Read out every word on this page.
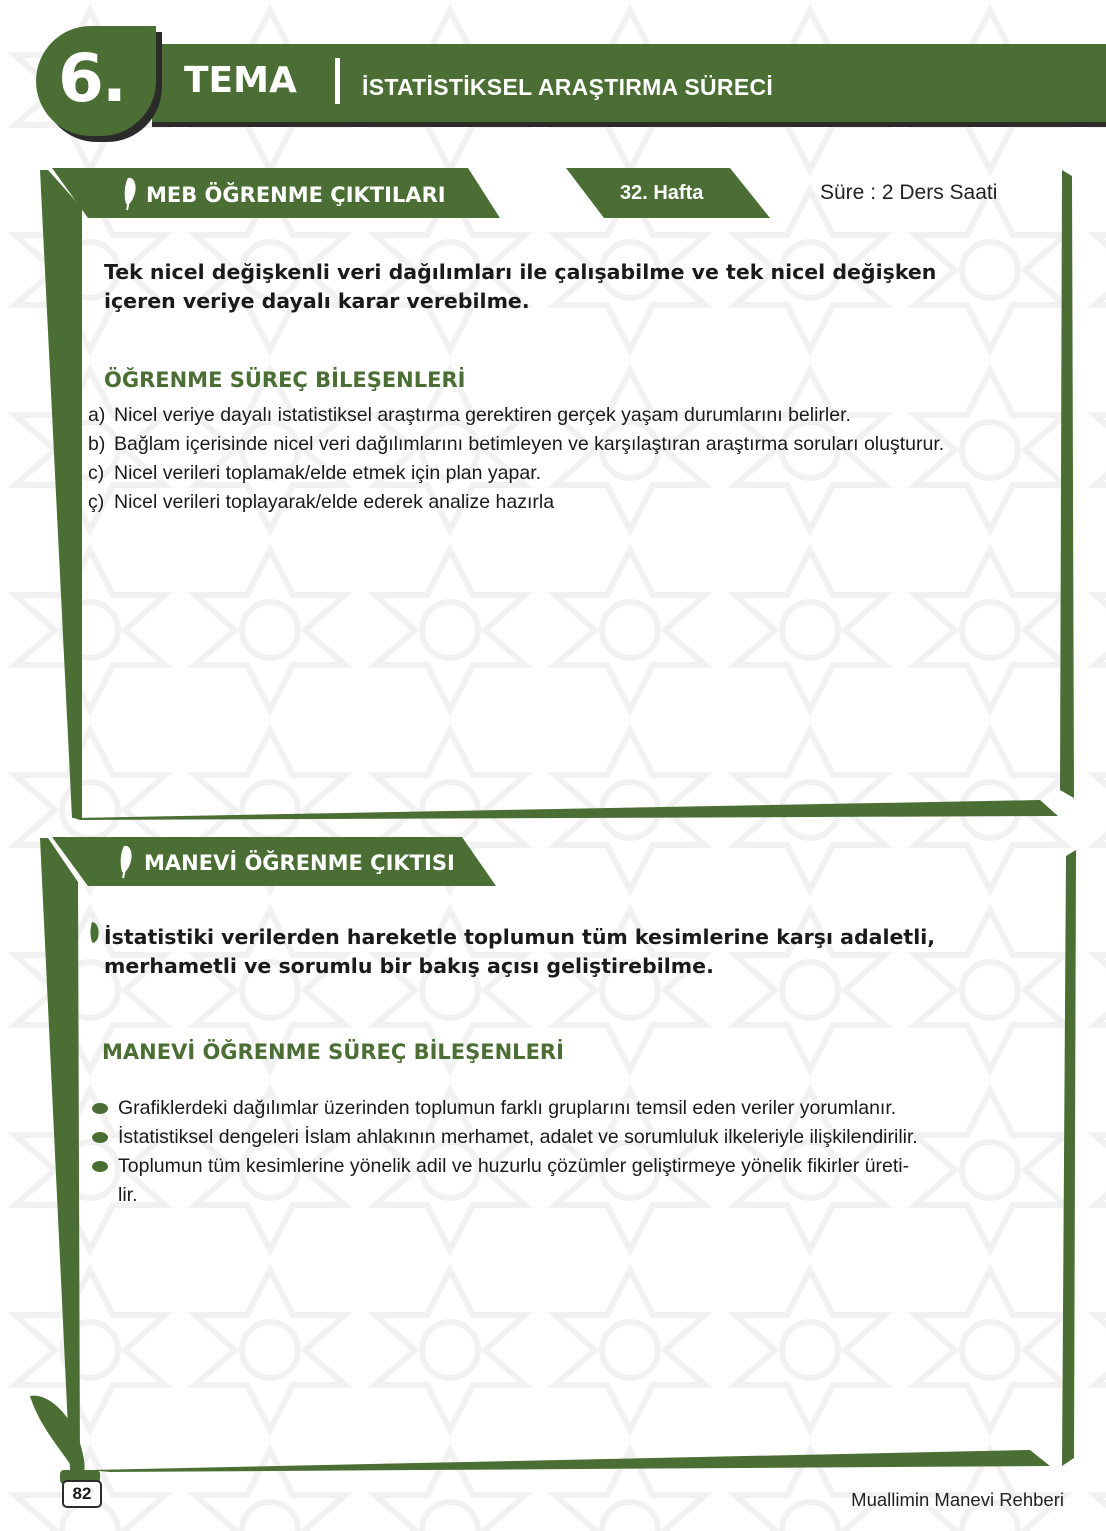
6. TEMA	İSTATİSTİKSEL ARAŞTIRMA SÜRECİ
MEB ÖĞRENME ÇIKTILARI	32. Hafta	Süre : 2 Ders Saati
Tek nicel değişkenli veri dağılımları ile çalışabilme ve tek nicel değişken
içeren veriye dayalı karar verebilme.
ÖĞRENME SÜREÇ BİLEŞENLERİ
a) Nicel veriye dayalı istatistiksel araştırma gerektiren gerçek yaşam durumlarını belirler.
b) Bağlam içerisinde nicel veri dağılımlarını betimleyen ve karşılaştıran araştırma soruları oluşturur.
c) Nicel verileri toplamak/elde etmek için plan yapar.
ç) Nicel verileri toplayarak/elde ederek analize hazırla
MANEVİ ÖĞRENME ÇIKTISI
İstatistiki verilerden hareketle toplumun tüm kesimlerine karşı adaletli,
merhametli ve sorumlu bir bakış açısı geliştirebilme.
MANEVİ ÖĞRENME SÜREÇ BİLEŞENLERİ
Grafiklerdeki dağılımlar üzerinden toplumun farklı gruplarını temsil eden veriler yorumlanır.
İstatistiksel dengeleri İslam ahlakının merhamet, adalet ve sorumluluk ilkeleriyle ilişkilendirilir.
Toplumun tüm kesimlerine yönelik adil ve huzurlu çözümler geliştirmeye yönelik fikirler üreti-
lir.
82	Muallimin Manevi Rehberi
